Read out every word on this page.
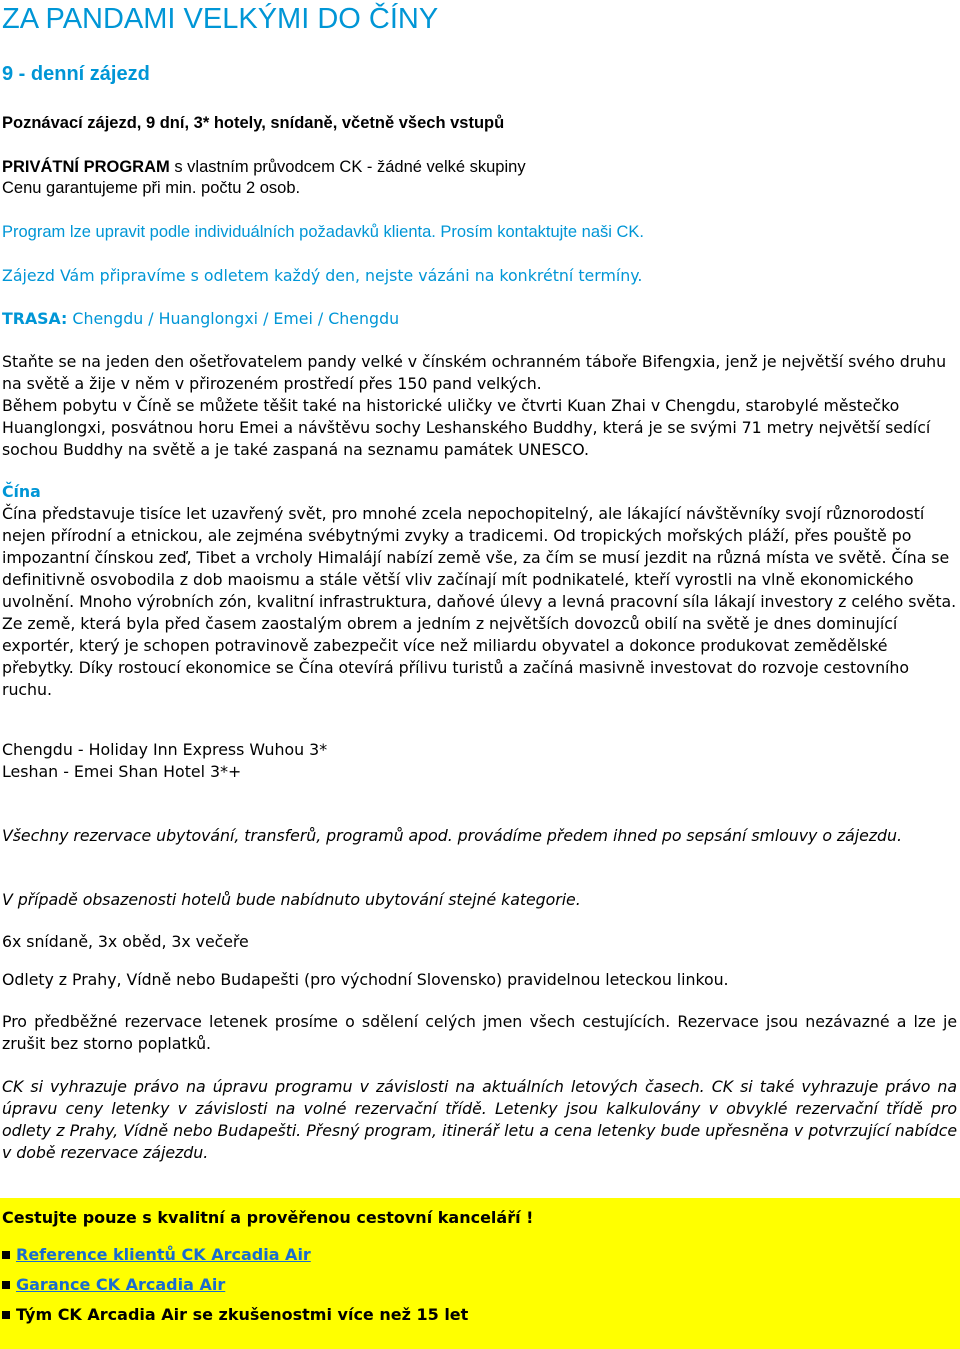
ZA PANDAMI VELKÝMI DO ČÍNY
9 - denní zájezd

Poznávací zájezd, 9 dní, 3* hotely, snídaně, včetně všech vstupů

PRIVÁTNÍ PROGRAM s vlastním průvodcem CK - žádné velké skupiny

Cenu garantujeme při min. počtu 2 osob.

Program lze upravit podle individuálních požadavků klienta. Prosím kontaktujte naši CK.

Zájezd Vám připravíme s odletem každý den, nejste vázáni na konkrétní termíny.

TRASA: Chengdu / Huanglongxi / Emei / Chengdu

Staňte se na jeden den ošetřovatelem pandy velké v čínském ochranném táboře Bifengxia, jenž je největší svého druhu na světě a žije v něm v přirozeném prostředí přes 150 pand velkých.

Během pobytu v Číně se můžete těšit také na historické uličky ve čtvrti Kuan Zhai v Chengdu, starobylé městečko Huanglongxi, posvátnou horu Emei a návštěvu sochy Leshanského Buddhy, která je se svými 71 metry největší sedící sochou Buddhy na světě a je také zaspaná na seznamu památek UNESCO.

Čína
Čína představuje tisíce let uzavřený svět, pro mnohé zcela nepochopitelný, ale lákající návštěvníky svojí různorodostí nejen přírodní a etnickou, ale zejména svébytnými zvyky a tradicemi. Od tropických mořských pláží, přes pouště po impozantní čínskou zeď, Tibet a vrcholy Himalájí nabízí země vše, za čím se musí jezdit na různá místa ve světě. Čína se definitivně osvobodila z dob maoismu a stále větší vliv začínají mít podnikatelé, kteří vyrostli na vlně ekonomického uvolnění. Mnoho výrobních zón, kvalitní infrastruktura, daňové úlevy a levná pracovní síla lákají investory z celého světa. Ze země, která byla před časem zaostalým obrem a jedním z největších dovozců obilí na světě je dnes dominující exportér, který je schopen potravinově zabezpečit více než miliardu obyvatel a dokonce produkovat zemědělské přebytky. Díky rostoucí ekonomice se Čína otevírá přílivu turistů a začíná masivně investovat do rozvoje cestovního ruchu.

Chengdu - Holiday Inn Express Wuhou 3*

Leshan - Emei Shan Hotel 3*+

Všechny rezervace ubytování, transferů, programů apod. provádíme předem ihned po sepsání smlouvy o zájezdu.

V případě obsazenosti hotelů bude nabídnuto ubytování stejné kategorie.

6x snídaně, 3x oběd, 3x večeře

Odlety z Prahy, Vídně nebo Budapešti (pro východní Slovensko) pravidelnou leteckou linkou.

Pro předběžné rezervace letenek prosíme o sdělení celých jmen všech cestujících. Rezervace jsou nezávazné a lze je zrušit bez storno poplatků.

CK si vyhrazuje právo na úpravu programu v závislosti na aktuálních letových časech. CK si také vyhrazuje právo na úpravu ceny letenky v závislosti na volné rezervační třídě. Letenky jsou kalkulovány v obvyklé rezervační třídě pro odlety z Prahy, Vídně nebo Budapešti. Přesný program, itinerář letu a cena letenky bude upřesněna v potvrzující nabídce v době rezervace zájezdu.

Cestujte pouze s kvalitní a prověřenou cestovní kanceláří !

Reference klientů CK Arcadia Air

Garance CK Arcadia Air

Tým CK Arcadia Air se zkušenostmi více než 15 let
